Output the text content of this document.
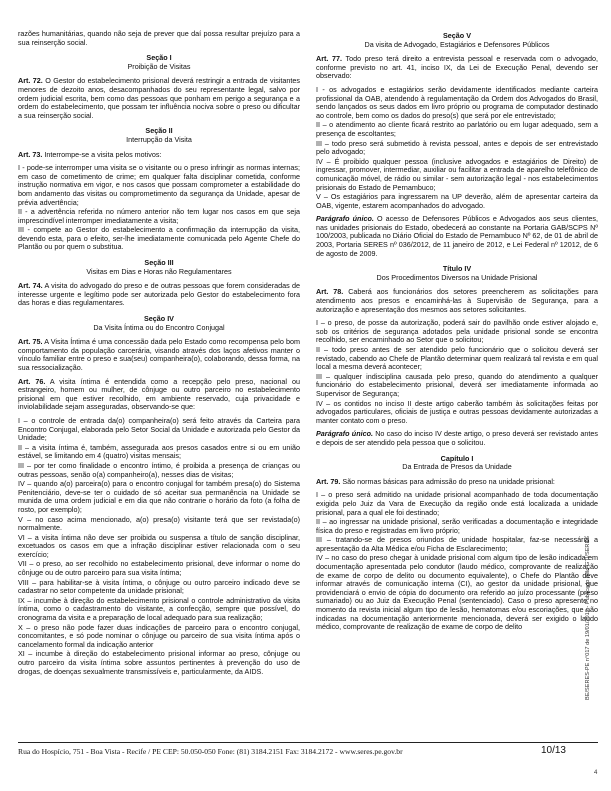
razões humanitárias, quando não seja de prever que daí possa resultar prejuízo para a sua reinserção social.

Seção I
Proibição de Visitas

Art. 72. O Gestor do estabelecimento prisional deverá restringir a entrada de visitantes menores de dezoito anos, desacompanhados do seu representante legal, salvo por ordem judicial escrita, bem como das pessoas que ponham em perigo a segurança e a ordem do estabelecimento, que possam ter influência nociva sobre o preso ou dificultar a sua reinserção social.

Seção II
Interrupção da Visita

Art. 73. Interrompe-se a visita pelos motivos:

I - pode-se interromper uma visita se o visitante ou o preso infringir as normas internas; em caso de cometimento de crime; em qualquer falta disciplinar cometida, conforme instrução normativa em vigor, e nos casos que possam comprometer a estabilidade do bom andamento das visitas ou comprometimento da segurança da Unidade, apesar de prévia advertência;

II - a advertência referida no número anterior não tem lugar nos casos em que seja imprescindível interromper imediatamente a visita;

III - compete ao Gestor do estabelecimento a confirmação da interrupção da visita, devendo esta, para o efeito, ser-lhe imediatamente comunicada pelo Agente Chefe do Plantão ou por quem o substitua.

Seção III
Visitas em Dias e Horas não Regulamentares

Art. 74. A visita do advogado do preso e de outras pessoas que forem consideradas de interesse urgente e legítimo pode ser autorizada pelo Gestor do estabelecimento fora das horas e dias regulamentares.

Seção IV
Da Visita Íntima ou do Encontro Conjugal

Art. 75. A Visita Íntima é uma concessão dada pelo Estado como recompensa pelo bom comportamento da população carcerária, visando através dos laços afetivos manter o vínculo familiar entre o preso e sua(seu) companheira(o), colaborando, dessa forma, na sua ressocialização.

Art. 76. A visita íntima é entendida como a recepção pelo preso, nacional ou estrangeiro, homem ou mulher, de cônjuge ou outro parceiro no estabelecimento prisional em que estiver recolhido, em ambiente reservado, cuja privacidade e inviolabilidade sejam asseguradas, observando-se que:

I – o controle de entrada da(o) companheira(o) será feito através da Carteira para Encontro Conjugal, elaborada pelo Setor Social da Unidade e autorizada pelo Gestor da Unidade;

II – a visita íntima é, também, assegurada aos presos casados entre si ou em união estável, se limitando em 4 (quatro) visitas mensais;

III – por ter como finalidade o encontro íntimo, é proibida a presença de crianças ou outras pessoas, senão o(a) companheiro(a), nesses dias de visitas;

IV – quando a(o) parceira(o) para o encontro conjugal for também presa(o) do Sistema Penitenciário, deve-se ter o cuidado de só aceitar sua permanência na Unidade se munida de uma ordem judicial e em dia que não contrarie o horário da foto (a folha de rosto, por exemplo);

V – no caso acima mencionado, a(o) presa(o) visitante terá que ser revistada(o) normalmente.

VI – a visita íntima não deve ser proibida ou suspensa a título de sanção disciplinar, excetuados os casos em que a infração disciplinar estiver relacionada com o seu exercício;

VII – o preso, ao ser recolhido no estabelecimento prisional, deve informar o nome do cônjuge ou de outro parceiro para sua visita íntima;

VIII – para habilitar-se à visita íntima, o cônjuge ou outro parceiro indicado deve se cadastrar no setor competente da unidade prisional;

IX – incumbe à direção do estabelecimento prisional o controle administrativo da visita íntima, como o cadastramento do visitante, a confecção, sempre que possível, do cronograma da visita e a preparação de local adequado para sua realização;

X – o preso não pode fazer duas indicações de parceiro para o encontro conjugal, concomitantes, e só pode nominar o cônjuge ou parceiro de sua visita íntima após o cancelamento formal da indicação anterior

XI – incumbe à direção do estabelecimento prisional informar ao preso, cônjuge ou outro parceiro da visita íntima sobre assuntos pertinentes à prevenção do uso de drogas, de doenças sexualmente transmissíveis e, particularmente, da AIDS.

Seção V
Da visita de Advogado, Estagiários e Defensores Públicos

Art. 77. Todo preso terá direito a entrevista pessoal e reservada com o advogado, conforme previsto no art. 41, inciso IX, da Lei de Execução Penal, devendo ser observado:

I - os advogados e estagiários serão devidamente identificados mediante carteira profissional da OAB, atendendo à regulamentação da Ordem dos Advogados do Brasil, sendo lançados os seus dados em livro próprio ou programa de computador destinado ao controle, bem como os dados do preso(s) que será por ele entrevistado;

II – o atendimento ao cliente ficará restrito ao parlatório ou em lugar adequado, sem a presença de escoltantes;

III – todo preso será submetido à revista pessoal, antes e depois de ser entrevistado pelo advogado;

IV – É proibido qualquer pessoa (inclusive advogados e estagiários de Direito) de ingressar, promover, intermediar, auxiliar ou facilitar a entrada de aparelho telefônico de comunicação móvel, de rádio ou similar - sem autorização legal - nos estabelecimentos prisionais do Estado de Pernambuco;

V – Os estagiários para ingressarem na UP deverão, além de apresentar carteira da OAB, vigente, estarem acompanhados do advogado.

Parágrafo único. O acesso de Defensores Públicos e Advogados aos seus clientes, nas unidades prisionais do Estado, obedecerá ao constante na Portaria GAB/SCPS Nº 100/2003, publicada no Diário Oficial do Estado de Pernambuco Nº 62, de 01 de abril de 2003, Portaria SERES nº 036/2012, de 11 janeiro de 2012, e Lei Federal nº 12012, de 6 de agosto de 2009.

Título IV
Dos Procedimentos Diversos na Unidade Prisional

Art. 78. Caberá aos funcionários dos setores preencherem as solicitações para atendimento aos presos e encaminhá-las à Supervisão de Segurança, para a autorização e apresentação dos mesmos aos setores solicitantes.

I – o preso, de posse da autorização, poderá sair do pavilhão onde estiver alojado e, sob os critérios de segurança adotados pela unidade prisional sonde se encontra recolhido, ser encaminhado ao Setor que o solicitou;

II – todo preso antes de ser atendido pelo funcionário que o solicitou deverá ser revistado, cabendo ao Chefe de Plantão determinar quem realizará tal revista e em qual local a mesma deverá acontecer;

III – qualquer indisciplina causada pelo preso, quando do atendimento a qualquer funcionário do estabelecimento prisional, deverá ser imediatamente informada ao Supervisor de Segurança;

IV – os contidos no inciso II deste artigo caberão também às solicitações feitas por advogados particulares, oficiais de justiça e outras pessoas devidamente autorizadas a manter contato com o preso.

Parágrafo único. No caso do inciso IV deste artigo, o preso deverá ser revistado antes e depois de ser atendido pela pessoa que o solicitou.

Capítulo I
Da Entrada de Presos da Unidade

Art. 79. São normas básicas para admissão do preso na unidade prisional:

I – o preso será admitido na unidade prisional acompanhado de toda documentação exigida pelo Juiz da Vara de Execução da região onde está localizada a unidade prisional, para a qual ele foi destinado;

II – ao ingressar na unidade prisional, serão verificadas a documentação e integridade física do preso e registradas em livro próprio;

III – tratando-se de presos oriundos de unidade hospitalar, faz-se necessária a apresentação da Alta Médica e/ou Ficha de Esclarecimento;

IV – no caso do preso chegar à unidade prisional com algum tipo de lesão indicada em documentação apresentada pelo condutor (laudo médico, comprovante de realização de exame de corpo de delito ou documento equivalente), o Chefe do Plantão deve informar através de comunicação interna (CI), ao gestor da unidade prisional, que providenciará o envio de cópia do documento ora referido ao juízo processante (preso sumariado) ou ao Juiz da Execução Penal (sentenciado). Caso o preso apresente no momento da revista inicial algum tipo de lesão, hematomas e/ou escoriações, que não indicadas na documentação anteriormente mencionada, deverá ser exigido o laudo médico, comprovante de realização de exame de corpo de delito	BE/SERES-PE n°017 de 19/01/2012 - Publicado pelo GTI/SERES
Rua do Hospício, 751 - Boa Vista - Recife / PE CEP: 50.050-050 Fone: (81) 3184.2151 Fax: 3184.2172 - www.seres.pe.gov.br	10/13
4
